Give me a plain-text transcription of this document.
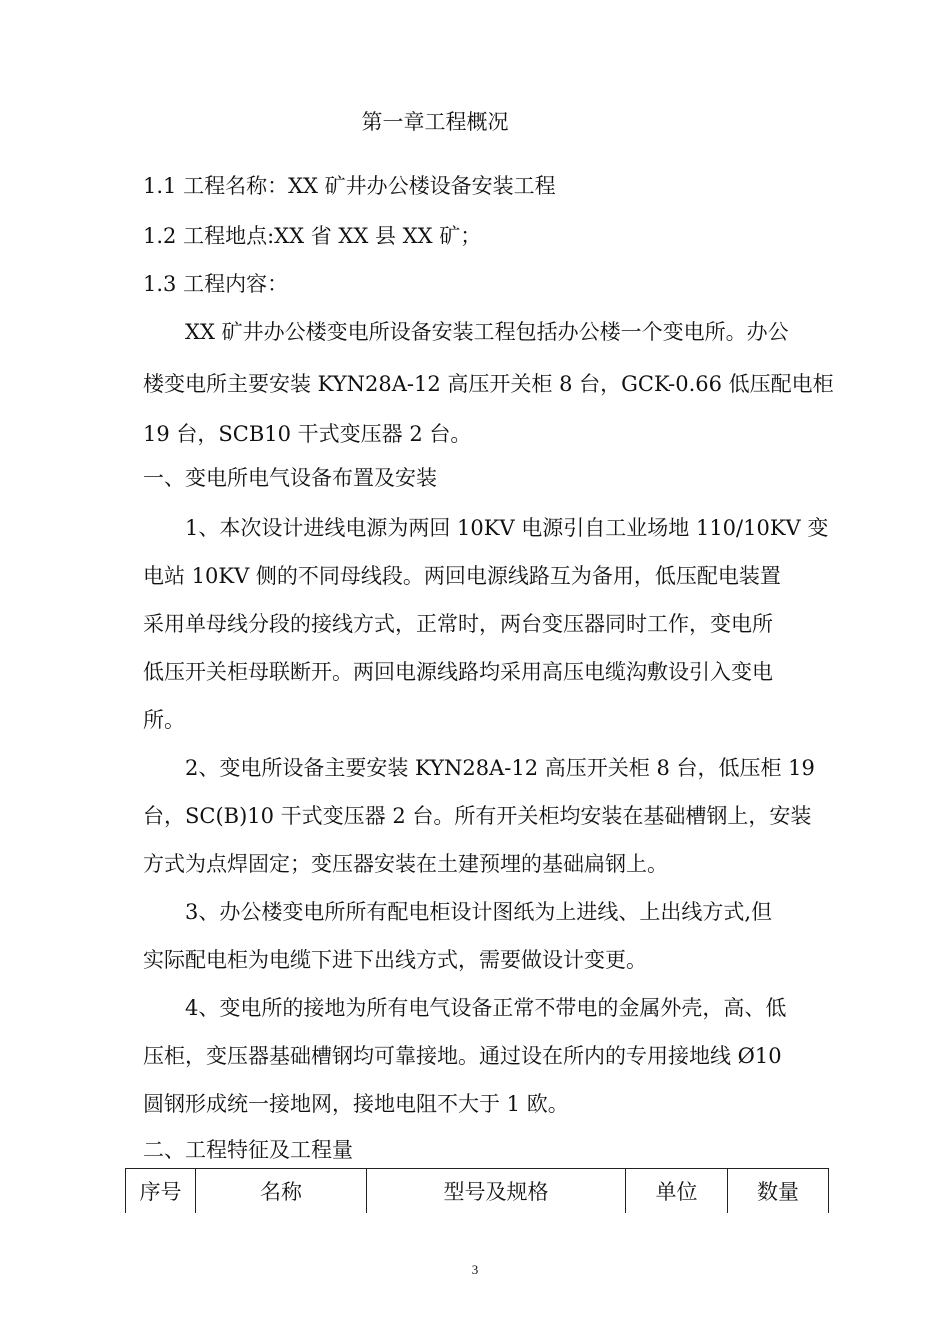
第一章工程概况
1.1 工程名称：XX 矿井办公楼设备安装工程
1.2 工程地点:XX 省 XX 县 XX 矿；
1.3 工程内容：
　　XX 矿井办公楼变电所设备安装工程包括办公楼一个变电所。办公
楼变电所主要安装 KYN28A-12 高压开关柜 8 台，GCK-0.66 低压配电柜
19 台，SCB10 干式变压器 2 台。
一、变电所电气设备布置及安装
　　1、本次设计进线电源为两回 10KV 电源引自工业场地 110/10KV 变
电站 10KV 侧的不同母线段。两回电源线路互为备用，低压配电装置
采用单母线分段的接线方式，正常时，两台变压器同时工作，变电所
低压开关柜母联断开。两回电源线路均采用高压电缆沟敷设引入变电
所。
　　2、变电所设备主要安装 KYN28A-12 高压开关柜 8 台，低压柜 19
台，SC(B)10 干式变压器 2 台。所有开关柜均安装在基础槽钢上，安装
方式为点焊固定；变压器安装在土建预埋的基础扁钢上。
　　3、办公楼变电所所有配电柜设计图纸为上进线、上出线方式,但
实际配电柜为电缆下进下出线方式，需要做设计变更。
　　4、变电所的接地为所有电气设备正常不带电的金属外壳，高、低
压柜，变压器基础槽钢均可靠接地。通过设在所内的专用接地线 Ø10
圆钢形成统一接地网，接地电阻不大于 1 欧。
二、工程特征及工程量
序号	名称	型号及规格	单位	数量
3
